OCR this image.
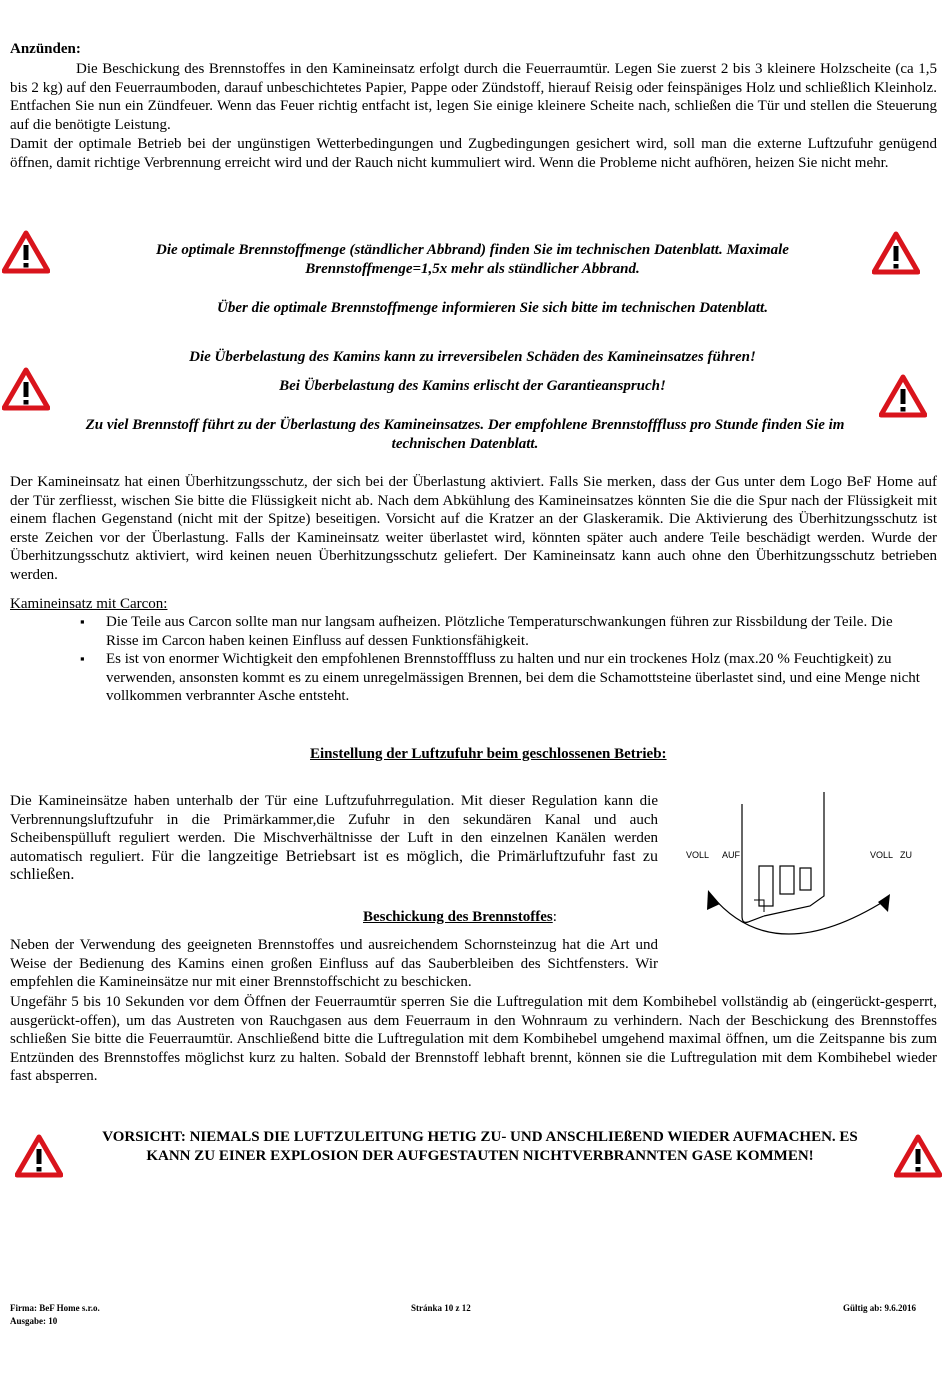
Anzünden:
Die Beschickung des Brennstoffes in den Kamineinsatz erfolgt durch die Feuerraumtür. Legen Sie zuerst 2 bis 3 kleinere Holzscheite (ca 1,5 bis 2 kg) auf den Feuerraumboden, darauf unbeschichtetes Papier, Pappe oder Zündstoff, hierauf Reisig oder feinspäniges Holz und schließlich Kleinholz. Entfachen Sie nun ein Zündfeuer. Wenn das Feuer richtig entfacht ist, legen Sie einige kleinere Scheite nach, schließen die Tür und stellen die Steuerung auf die benötigte Leistung.
Damit der optimale Betrieb bei der ungünstigen Wetterbedingungen und Zugbedingungen gesichert wird, soll man die externe Luftzufuhr genügend öffnen, damit richtige Verbrennung erreicht wird und der Rauch nicht kummuliert wird. Wenn die Probleme nicht aufhören, heizen Sie nicht mehr.
Die optimale Brennstoffmenge (ständlicher Abbrand) finden Sie im technischen Datenblatt. Maximale Brennstoffmenge=1,5x mehr als stündlicher Abbrand.
Über die optimale Brennstoffmenge informieren Sie sich bitte im technischen Datenblatt.
Die Überbelastung des Kamins kann zu irreversibelen Schäden des Kamineinsatzes führen!
Bei Überbelastung des Kamins erlischt der Garantieanspruch!
Zu viel Brennstoff führt zu der Überlastung des Kamineinsatzes. Der empfohlene Brennstofffluss pro Stunde finden Sie im technischen Datenblatt.
Der Kamineinsatz hat einen Überhitzungsschutz, der sich bei der Überlastung aktiviert. Falls Sie merken, dass der Gus unter dem Logo BeF Home auf der Tür zerfliesst, wischen Sie bitte die Flüssigkeit nicht ab. Nach dem Abkühlung des Kamineinsatzes könnten Sie die die Spur nach der Flüssigkeit mit einem flachen Gegenstand (nicht mit der Spitze) beseitigen. Vorsicht auf die Kratzer an der Glaskeramik. Die Aktivierung des Überhitzungsschutz ist erste Zeichen vor der Überlastung. Falls der Kamineinsatz weiter überlastet wird, könnten später auch andere Teile beschädigt werden. Wurde der Überhitzungsschutz aktiviert, wird keinen neuen Überhitzungsschutz geliefert. Der Kamineinsatz kann auch ohne den Überhitzungsschutz betrieben werden.
Kamineinsatz mit Carcon:
▪ Die Teile aus Carcon sollte man nur langsam aufheizen. Plötzliche Temperaturschwankungen führen zur Rissbildung der Teile. Die Risse im Carcon haben keinen Einfluss auf dessen Funktionsfähigkeit.
▪ Es ist von enormer Wichtigkeit den empfohlenen Brennstofffluss zu halten und nur ein trockenes Holz (max.20 % Feuchtigkeit) zu verwenden, ansonsten kommt es zu einem unregelmässigen Brennen, bei dem die Schamottsteine überlastet sind, und eine Menge nicht vollkommen verbrannter Asche entsteht.
Einstellung der Luftzufuhr beim geschlossenen Betrieb:
Die Kamineinsätze haben unterhalb der Tür eine Luftzufuhrregulation. Mit dieser Regulation kann die Verbrennungsluftzufuhr in die Primärkammer,die Zufuhr in den sekundären Kanal und auch Scheibenspülluft reguliert werden. Die Mischverhältnisse der Luft in den einzelnen Kanälen werden automatisch reguliert. Für die langzeitige Betriebsart ist es möglich, die Primärluftzufuhr fast zu schließen.
VOLL AUF	VOLL ZU
Beschickung des Brennstoffes:
Neben der Verwendung des geeigneten Brennstoffes und ausreichendem Schornsteinzug hat die Art und Weise der Bedienung des Kamins einen großen Einfluss auf das Sauberbleiben des Sichtfensters. Wir empfehlen die Kamineinsätze nur mit einer Brennstoffschicht zu beschicken.
Ungefähr 5 bis 10 Sekunden vor dem Öffnen der Feuerraumtür sperren Sie die Luftregulation mit dem Kombihebel vollständig ab (eingerückt-gesperrt, ausgerückt-offen), um das Austreten von Rauchgasen aus dem Feuerraum in den Wohnraum zu verhindern. Nach der Beschickung des Brennstoffes schließen Sie bitte die Feuerraumtür. Anschließend bitte die Luftregulation mit dem Kombihebel umgehend maximal öffnen, um die Zeitspanne bis zum Entzünden des Brennstoffes möglichst kurz zu halten. Sobald der Brennstoff lebhaft brennt, können sie die Luftregulation mit dem Kombihebel wieder fast absperren.
VORSICHT: NIEMALS DIE LUFTZULEITUNG HETIG ZU- UND ANSCHLIEßEND WIEDER AUFMACHEN. ES KANN ZU EINER EXPLOSION DER AUFGESTAUTEN NICHTVERBRANNTEN GASE KOMMEN!
Firma: BeF Home s.r.o.
Ausgabe: 10
Stránka 10 z 12	Gültig ab: 9.6.2016
